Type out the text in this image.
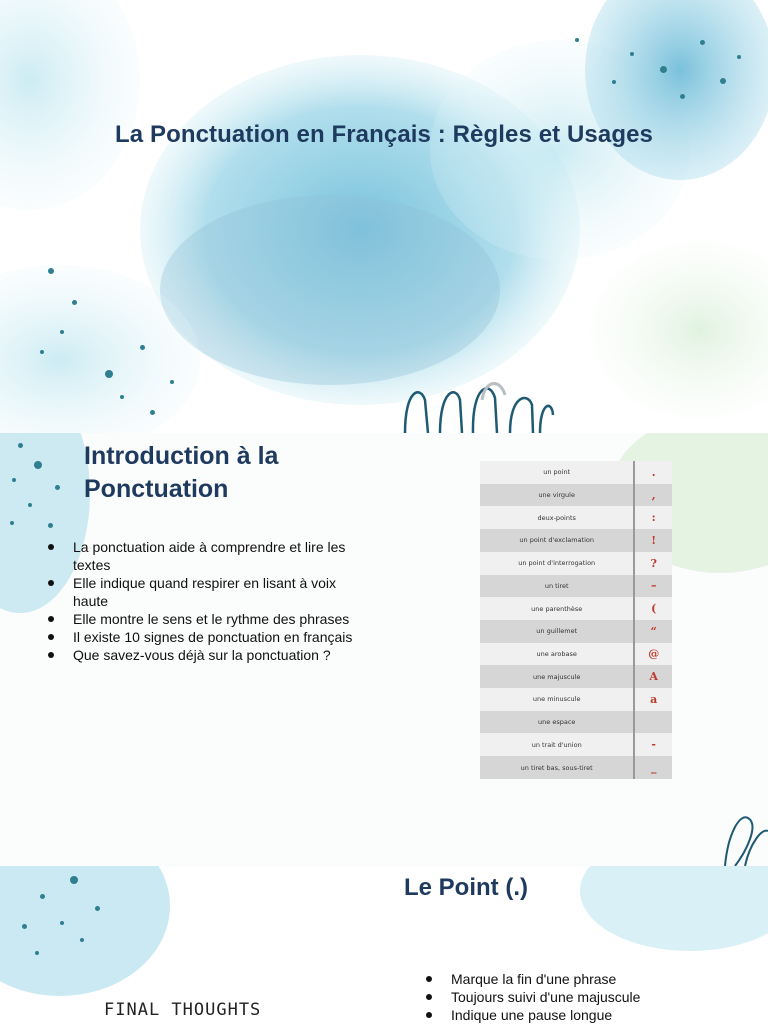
La Ponctuation en Français : Règles et Usages
Introduction à la Ponctuation
La ponctuation aide à comprendre et lire les textes
Elle indique quand respirer en lisant à voix haute
Elle montre le sens et le rythme des phrases
Il existe 10 signes de ponctuation en français
Que savez-vous déjà sur la ponctuation ?
un point		.
une virgule		,
deux-points		:
un point d'exclamation		!
un point d'interrogation		?
un tiret		–
une parenthèse		(
un guillemet		“
une arobase		@
une majuscule		A
une minuscule		a
une espace		
un trait d'union		-
un tiret bas, sous-tiret		_
Le Point (.)
Marque la fin d'une phrase
Toujours suivi d'une majuscule
Indique une pause longue
FINAL THOUGHTS
